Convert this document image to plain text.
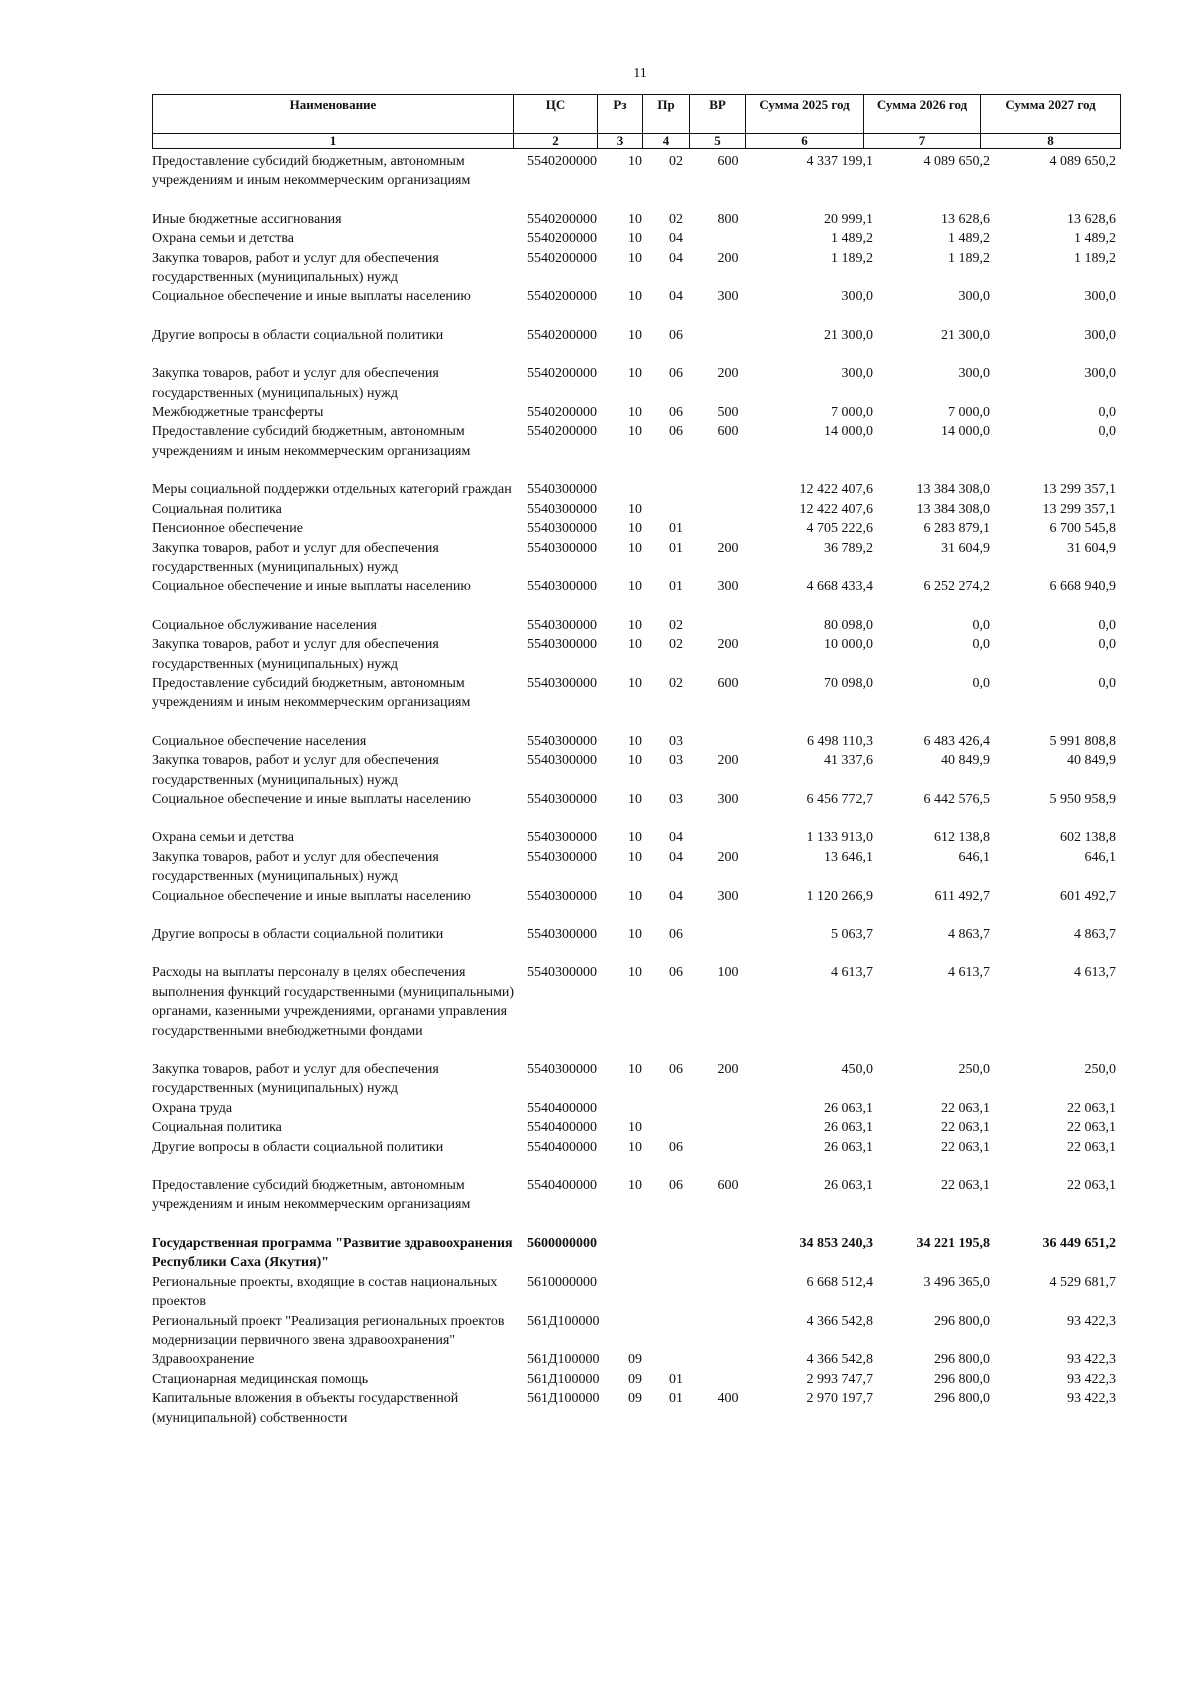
11
Наименование	ЦС	Рз	Пр	ВР	Сумма 2025 год	Сумма 2026 год	Сумма 2027 год
1	2	3	4	5	6	7	8
Предоставление субсидий бюджетным, автономным учреждениям и иным некоммерческим организациям	5540200000	10	02	600	4 337 199,1	4 089 650,2	4 089 650,2

Иные бюджетные ассигнования	5540200000	10	02	800	20 999,1	13 628,6	13 628,6
Охрана семьи и детства	5540200000	10	04		1 489,2	1 489,2	1 489,2
Закупка товаров, работ и услуг для обеспечения государственных (муниципальных) нужд	5540200000	10	04	200	1 189,2	1 189,2	1 189,2
Социальное обеспечение и иные выплаты населению	5540200000	10	04	300	300,0	300,0	300,0

Другие вопросы в области социальной политики	5540200000	10	06		21 300,0	21 300,0	300,0

Закупка товаров, работ и услуг для обеспечения государственных (муниципальных) нужд	5540200000	10	06	200	300,0	300,0	300,0
Межбюджетные трансферты	5540200000	10	06	500	7 000,0	7 000,0	0,0
Предоставление субсидий бюджетным, автономным учреждениям и иным некоммерческим организациям	5540200000	10	06	600	14 000,0	14 000,0	0,0

Меры социальной поддержки отдельных категорий граждан	5540300000				12 422 407,6	13 384 308,0	13 299 357,1
Социальная политика	5540300000	10			12 422 407,6	13 384 308,0	13 299 357,1
Пенсионное обеспечение	5540300000	10	01		4 705 222,6	6 283 879,1	6 700 545,8
Закупка товаров, работ и услуг для обеспечения государственных (муниципальных) нужд	5540300000	10	01	200	36 789,2	31 604,9	31 604,9
Социальное обеспечение и иные выплаты населению	5540300000	10	01	300	4 668 433,4	6 252 274,2	6 668 940,9

Социальное обслуживание населения	5540300000	10	02		80 098,0	0,0	0,0
Закупка товаров, работ и услуг для обеспечения государственных (муниципальных) нужд	5540300000	10	02	200	10 000,0	0,0	0,0
Предоставление субсидий бюджетным, автономным учреждениям и иным некоммерческим организациям	5540300000	10	02	600	70 098,0	0,0	0,0

Социальное обеспечение населения	5540300000	10	03		6 498 110,3	6 483 426,4	5 991 808,8
Закупка товаров, работ и услуг для обеспечения государственных (муниципальных) нужд	5540300000	10	03	200	41 337,6	40 849,9	40 849,9
Социальное обеспечение и иные выплаты населению	5540300000	10	03	300	6 456 772,7	6 442 576,5	5 950 958,9

Охрана семьи и детства	5540300000	10	04		1 133 913,0	612 138,8	602 138,8
Закупка товаров, работ и услуг для обеспечения государственных (муниципальных) нужд	5540300000	10	04	200	13 646,1	646,1	646,1
Социальное обеспечение и иные выплаты населению	5540300000	10	04	300	1 120 266,9	611 492,7	601 492,7

Другие вопросы в области социальной политики	5540300000	10	06		5 063,7	4 863,7	4 863,7

Расходы на выплаты персоналу в целях обеспечения выполнения функций государственными (муниципальными) органами, казенными учреждениями, органами управления государственными внебюджетными фондами	5540300000	10	06	100	4 613,7	4 613,7	4 613,7

Закупка товаров, работ и услуг для обеспечения государственных (муниципальных) нужд	5540300000	10	06	200	450,0	250,0	250,0
Охрана труда	5540400000				26 063,1	22 063,1	22 063,1
Социальная политика	5540400000	10			26 063,1	22 063,1	22 063,1
Другие вопросы в области социальной политики	5540400000	10	06		26 063,1	22 063,1	22 063,1

Предоставление субсидий бюджетным, автономным учреждениям и иным некоммерческим организациям	5540400000	10	06	600	26 063,1	22 063,1	22 063,1

Государственная программа "Развитие здравоохранения Республики Саха (Якутия)"	5600000000				34 853 240,3	34 221 195,8	36 449 651,2
Региональные проекты, входящие в состав национальных проектов	5610000000				6 668 512,4	3 496 365,0	4 529 681,7
Региональный проект "Реализация региональных проектов модернизации первичного звена здравоохранения"	561Д100000				4 366 542,8	296 800,0	93 422,3
Здравоохранение	561Д100000	09			4 366 542,8	296 800,0	93 422,3
Стационарная медицинская помощь	561Д100000	09	01		2 993 747,7	296 800,0	93 422,3
Капитальные вложения в объекты государственной (муниципальной) собственности	561Д100000	09	01	400	2 970 197,7	296 800,0	93 422,3
